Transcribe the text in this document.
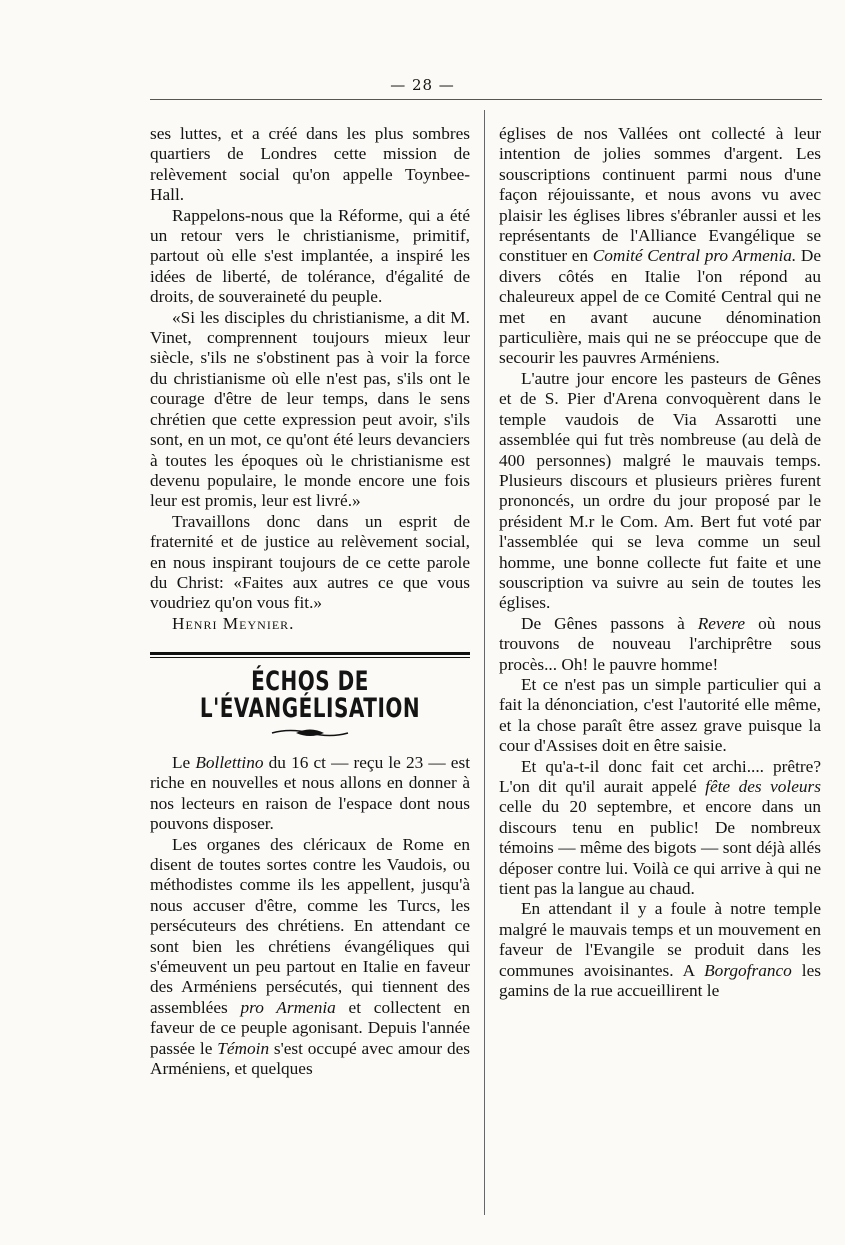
— 28 —

ses luttes, et a créé dans les plus sombres quartiers de Londres cette mission de relèvement social qu'on appelle Toynbee-Hall.

Rappelons-nous que la Réforme, qui a été un retour vers le christianisme, primitif, partout où elle s'est implantée, a inspiré les idées de liberté, de tolérance, d'égalité de droits, de souveraineté du peuple.

«Si les disciples du christianisme, a dit M. Vinet, comprennent toujours mieux leur siècle, s'ils ne s'obstinent pas à voir la force du christianisme où elle n'est pas, s'ils ont le courage d'être de leur temps, dans le sens chrétien que cette expression peut avoir, s'ils sont, en un mot, ce qu'ont été leurs devanciers à toutes les époques où le christianisme est devenu populaire, le monde encore une fois leur est promis, leur est livré.»

Travaillons donc dans un esprit de fraternité et de justice au relèvement social, en nous inspirant toujours de ce cette parole du Christ: «Faites aux autres ce que vous voudriez qu'on vous fit.»

Henri Meynier.

ÉCHOS DE L'ÉVANGÉLISATION

Le Bollettino du 16 ct — reçu le 23 — est riche en nouvelles et nous allons en donner à nos lecteurs en raison de l'espace dont nous pouvons disposer.

Les organes des cléricaux de Rome en disent de toutes sortes contre les Vaudois, ou méthodistes comme ils les appellent, jusqu'à nous accuser d'être, comme les Turcs, les persécuteurs des chrétiens. En attendant ce sont bien les chrétiens évangéliques qui s'émeuvent un peu partout en Italie en faveur des Arméniens persécutés, qui tiennent des assemblées pro Armenia et collectent en faveur de ce peuple agonisant. Depuis l'année passée le Témoin s'est occupé avec amour des Arméniens, et quelques

églises de nos Vallées ont collecté à leur intention de jolies sommes d'argent. Les souscriptions continuent parmi nous d'une façon réjouissante, et nous avons vu avec plaisir les églises libres s'ébranler aussi et les représentants de l'Alliance Evangélique se constituer en Comité Central pro Armenia. De divers côtés en Italie l'on répond au chaleureux appel de ce Comité Central qui ne met en avant aucune dénomination particulière, mais qui ne se préoccupe que de secourir les pauvres Arméniens.

L'autre jour encore les pasteurs de Gênes et de S. Pier d'Arena convoquèrent dans le temple vaudois de Via Assarotti une assemblée qui fut très nombreuse (au delà de 400 personnes) malgré le mauvais temps. Plusieurs discours et plusieurs prières furent prononcés, un ordre du jour proposé par le président M.r le Com. Am. Bert fut voté par l'assemblée qui se leva comme un seul homme, une bonne collecte fut faite et une souscription va suivre au sein de toutes les églises.

De Gênes passons à Revere où nous trouvons de nouveau l'archiprêtre sous procès... Oh! le pauvre homme!

Et ce n'est pas un simple particulier qui a fait la dénonciation, c'est l'autorité elle même, et la chose paraît être assez grave puisque la cour d'Assises doit en être saisie.

Et qu'a-t-il donc fait cet archi.... prêtre? L'on dit qu'il aurait appelé fête des voleurs celle du 20 septembre, et encore dans un discours tenu en public! De nombreux témoins — même des bigots — sont déjà allés déposer contre lui. Voilà ce qui arrive à qui ne tient pas la langue au chaud.

En attendant il y a foule à notre temple malgré le mauvais temps et un mouvement en faveur de l'Evangile se produit dans les communes avoisinantes. A Borgofranco les gamins de la rue accueillirent le
